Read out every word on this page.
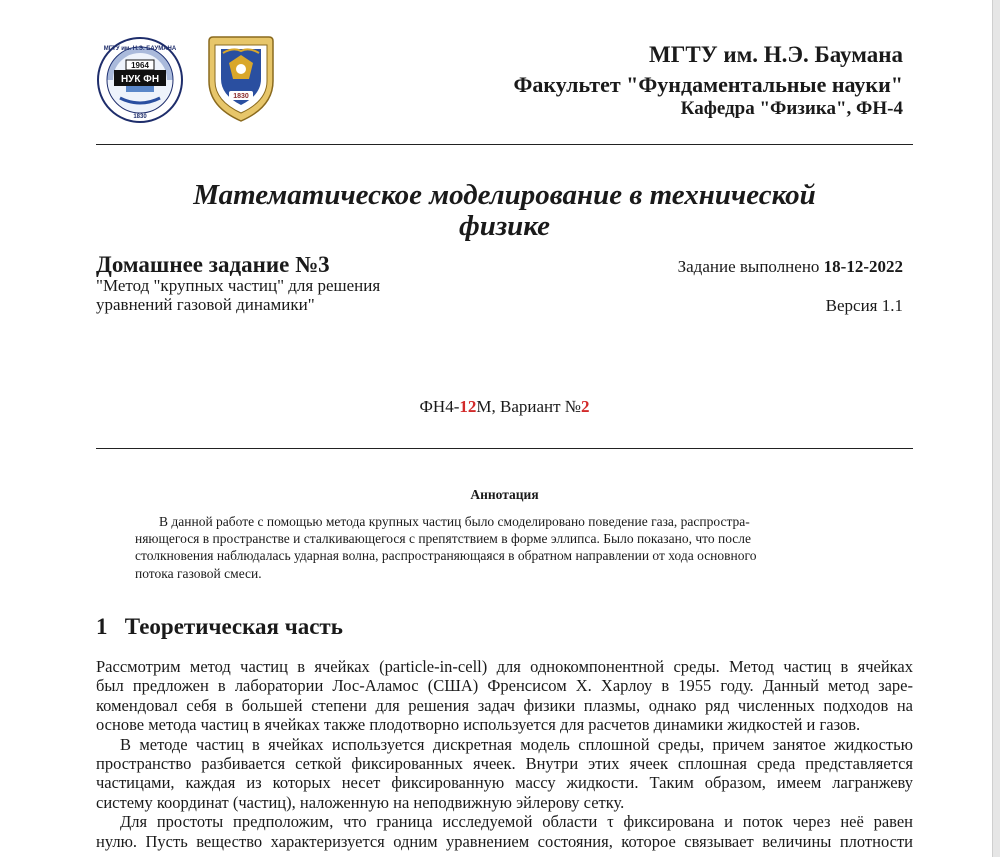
1964
НУК ФН
МГТУ им. Н.Э. БАУМАНА
1830
1830
МГТУ им. Н.Э. Баумана
Факультет "Фундаментальные науки"
Кафедра "Физика", ФН-4
Математическое моделирование в технической
физике
Домашнее задание №3
"Метод "крупных частиц" для решения
уравнений газовой динамики"
Задание выполнено 18-12-2022
Версия 1.1
ФН4-12М, Вариант №2
Аннотация
В данной работе с помощью метода крупных частиц было смоделировано поведение газа, распростра-
няющегося в пространстве и сталкивающегося с препятствием в форме эллипса. Было показано, что после
столкновения наблюдалась ударная волна, распространяющаяся в обратном направлении от хода основного
потока газовой смеси.
1 Теоретическая часть
Рассмотрим метод частиц в ячейках (particle-in-cell) для однокомпонентной среды. Метод частиц в ячейках
был предложен в лаборатории Лос-Аламос (США) Френсисом Х. Харлоу в 1955 году. Данный метод заре-
комендовал себя в большей степени для решения задач физики плазмы, однако ряд численных подходов на
основе метода частиц в ячейках также плодотворно используется для расчетов динамики жидкостей и газов.
В методе частиц в ячейках используется дискретная модель сплошной среды, причем занятое жидкостью
пространство разбивается сеткой фиксированных ячеек. Внутри этих ячеек сплошная среда представляется
частицами, каждая из которых несет фиксированную массу жидкости. Таким образом, имеем лагранжеву
систему координат (частиц), наложенную на неподвижную эйлерову сетку.
Для простоты предположим, что граница исследуемой области τ фиксирована и поток через неё равен
нулю. Пусть вещество характеризуется одним уравнением состояния, которое связывает величины плотности
